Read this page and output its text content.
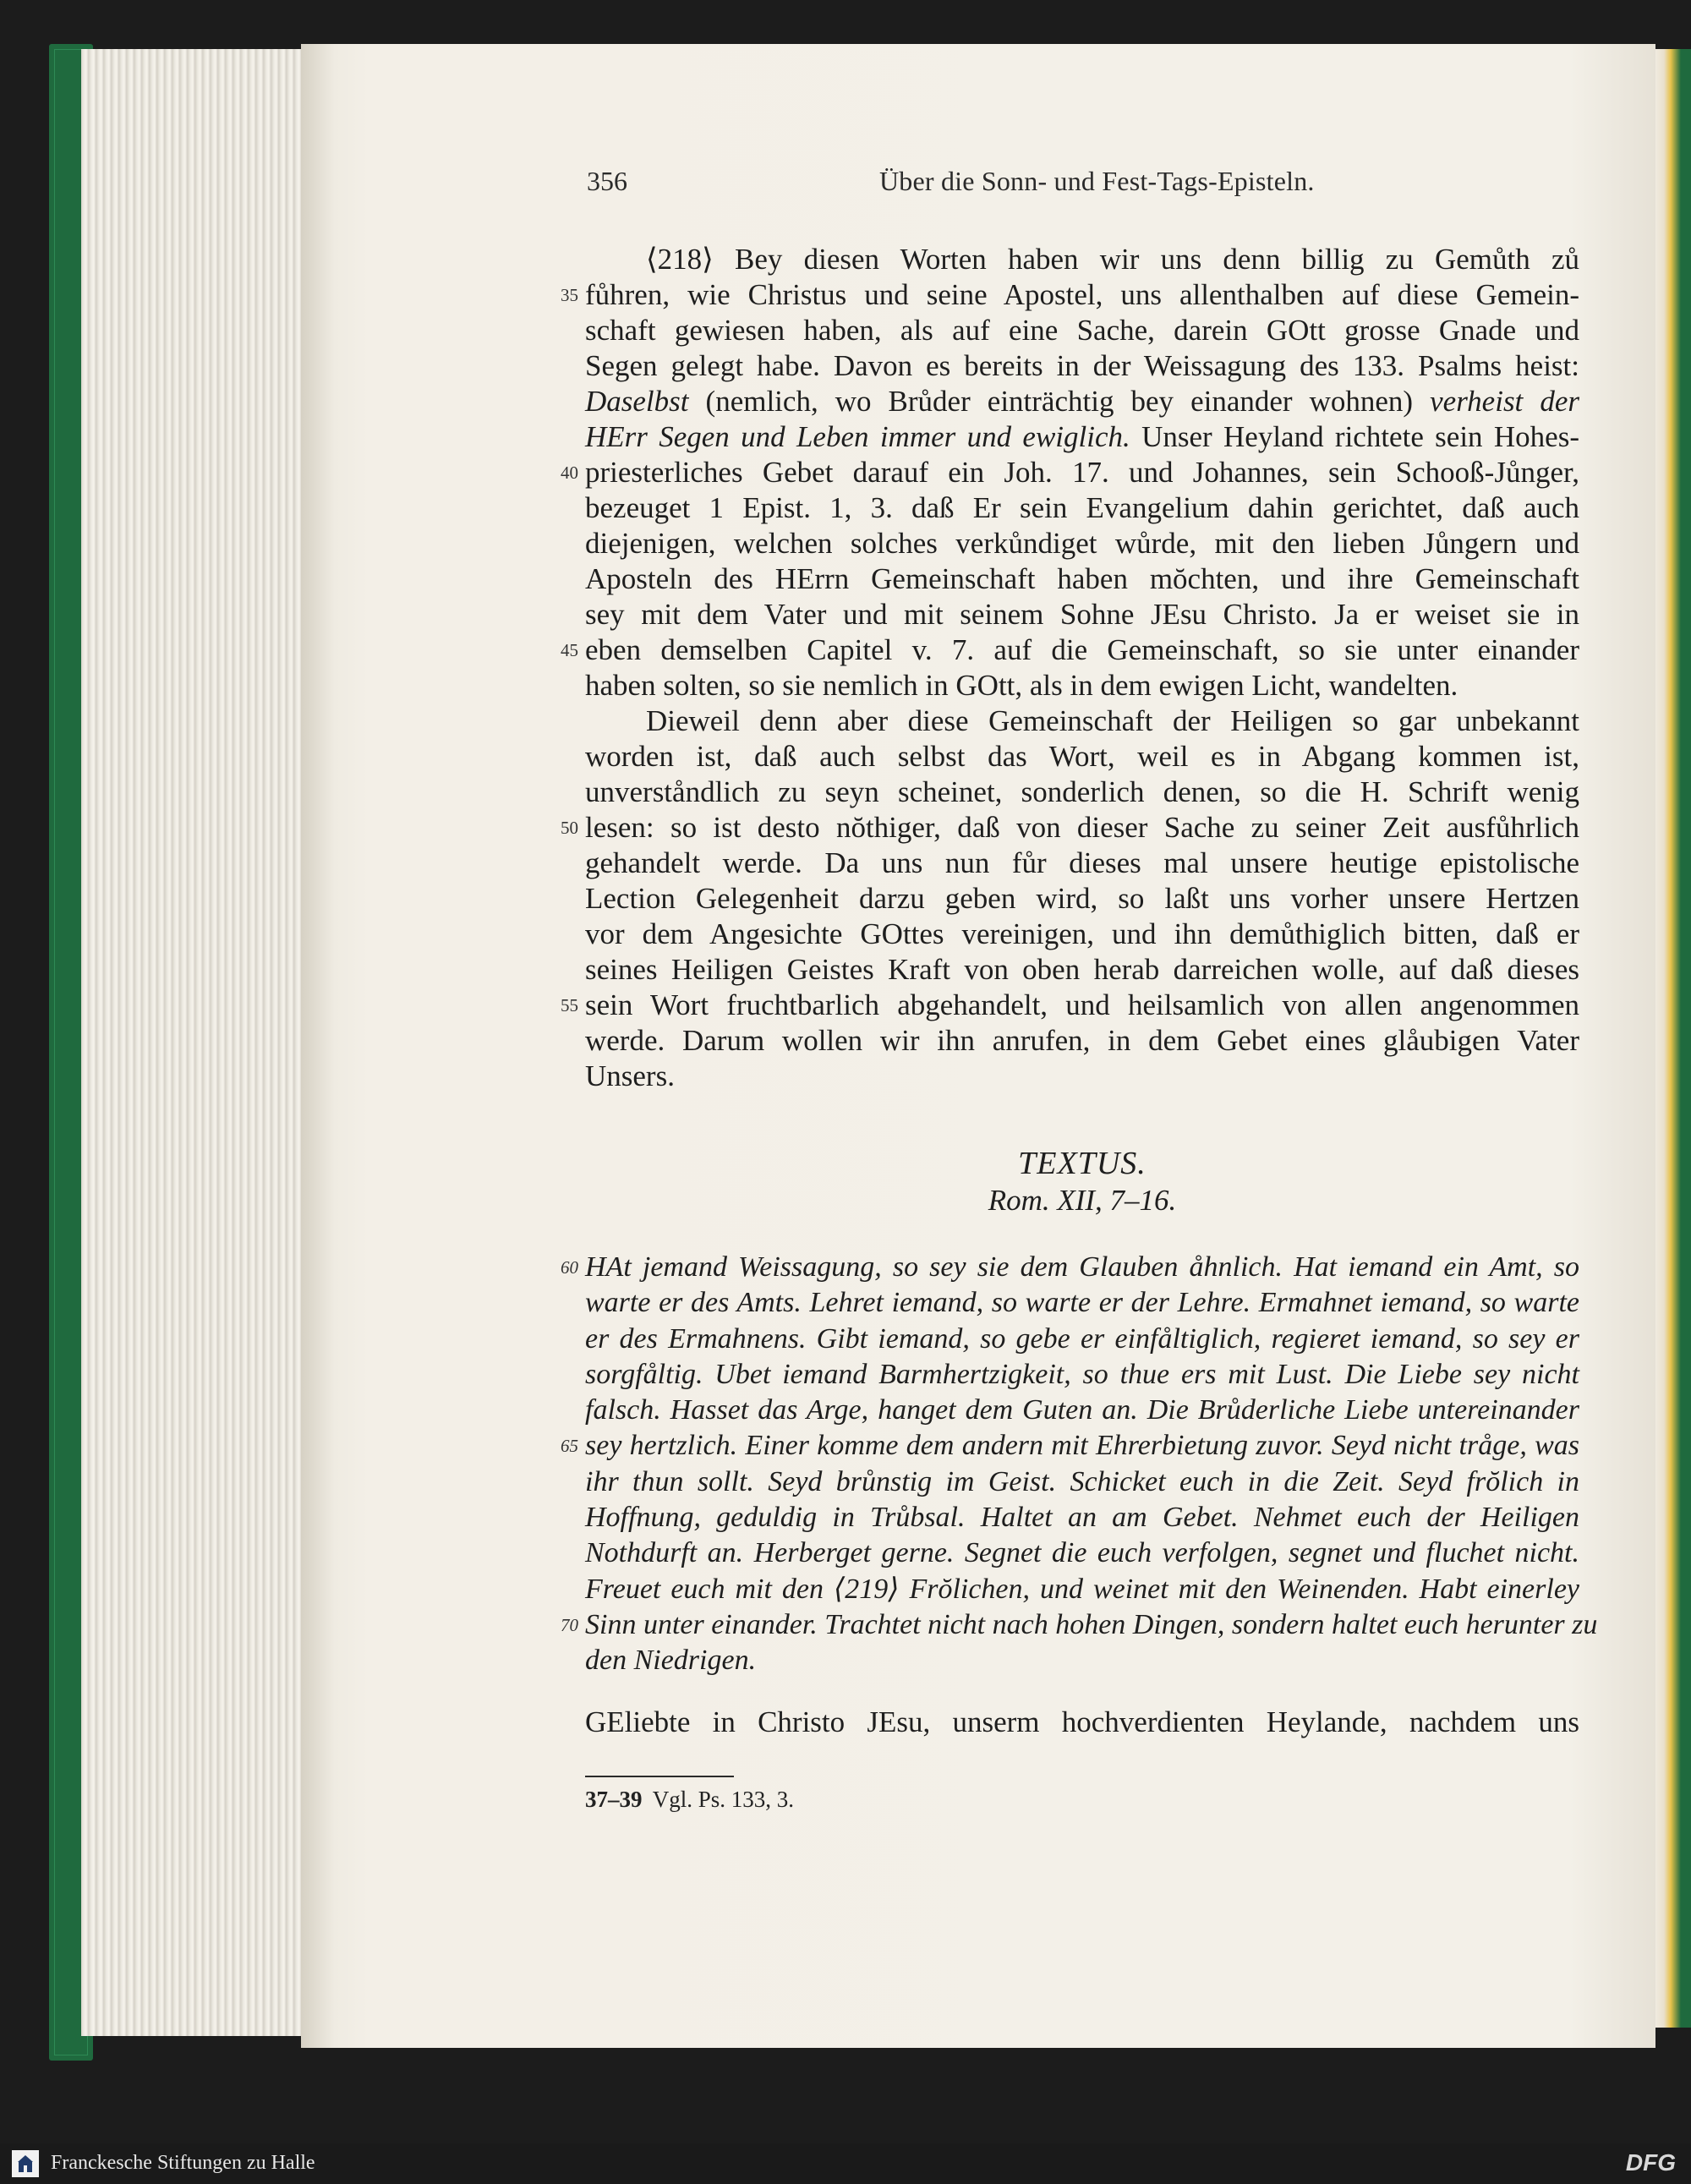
356	Über die Sonn- und Fest-Tags-Episteln.
⟨218⟩ Bey diesen Worten haben wir uns denn billig zu Gemůth zů
35 fůhren, wie Christus und seine Apostel, uns allenthalben auf diese Gemein-
schaft gewiesen haben, als auf eine Sache, darein GOtt grosse Gnade und
Segen gelegt habe. Davon es bereits in der Weissagung des 133. Psalms heist:
Daselbst (nemlich, wo Brůder einträchtig bey einander wohnen) verheist der
HErr Segen und Leben immer und ewiglich. Unser Heyland richtete sein Hohes-
40 priesterliches Gebet darauf ein Joh. 17. und Johannes, sein Schooß-Jůnger,
bezeuget 1 Epist. 1, 3. daß Er sein Evangelium dahin gerichtet, daß auch
diejenigen, welchen solches verkůndiget wůrde, mit den lieben Jůngern und
Aposteln des HErrn Gemeinschaft haben mŏchten, und ihre Gemeinschaft
sey mit dem Vater und mit seinem Sohne JEsu Christo. Ja er weiset sie in
45 eben demselben Capitel v. 7. auf die Gemeinschaft, so sie unter einander
haben solten, so sie nemlich in GOtt, als in dem ewigen Licht, wandelten.
Dieweil denn aber diese Gemeinschaft der Heiligen so gar unbekannt
worden ist, daß auch selbst das Wort, weil es in Abgang kommen ist,
unverståndlich zu seyn scheinet, sonderlich denen, so die H. Schrift wenig
50 lesen: so ist desto nŏthiger, daß von dieser Sache zu seiner Zeit ausfůhrlich
gehandelt werde. Da uns nun fůr dieses mal unsere heutige epistolische
Lection Gelegenheit darzu geben wird, so laßt uns vorher unsere Hertzen
vor dem Angesichte GOttes vereinigen, und ihn demůthiglich bitten, daß er
seines Heiligen Geistes Kraft von oben herab darreichen wolle, auf daß dieses
55 sein Wort fruchtbarlich abgehandelt, und heilsamlich von allen angenommen
werde. Darum wollen wir ihn anrufen, in dem Gebet eines glåubigen Vater
Unsers.
TEXTUS.
Rom. XII, 7–16.
60 HAt jemand Weissagung, so sey sie dem Glauben åhnlich. Hat iemand ein Amt, so
warte er des Amts. Lehret iemand, so warte er der Lehre. Ermahnet iemand, so warte
er des Ermahnens. Gibt iemand, so gebe er einfåltiglich, regieret iemand, so sey er
sorgfåltig. Ubet iemand Barmhertzigkeit, so thue ers mit Lust. Die Liebe sey nicht
falsch. Hasset das Arge, hanget dem Guten an. Die Brůderliche Liebe untereinander
65 sey hertzlich. Einer komme dem andern mit Ehrerbietung zuvor. Seyd nicht tråge, was
ihr thun sollt. Seyd brůnstig im Geist. Schicket euch in die Zeit. Seyd frŏlich in
Hoffnung, geduldig in Trůbsal. Haltet an am Gebet. Nehmet euch der Heiligen
Nothdurft an. Herberget gerne. Segnet die euch verfolgen, segnet und fluchet nicht.
Freuet euch mit den ⟨219⟩ Frŏlichen, und weinet mit den Weinenden. Habt einerley
70 Sinn unter einander. Trachtet nicht nach hohen Dingen, sondern haltet euch herunter zu
den Niedrigen.
GEliebte in Christo JEsu, unserm hochverdienten Heylande, nachdem uns
37–39 Vgl. Ps. 133, 3.
Franckesche Stiftungen zu Halle	DFG
